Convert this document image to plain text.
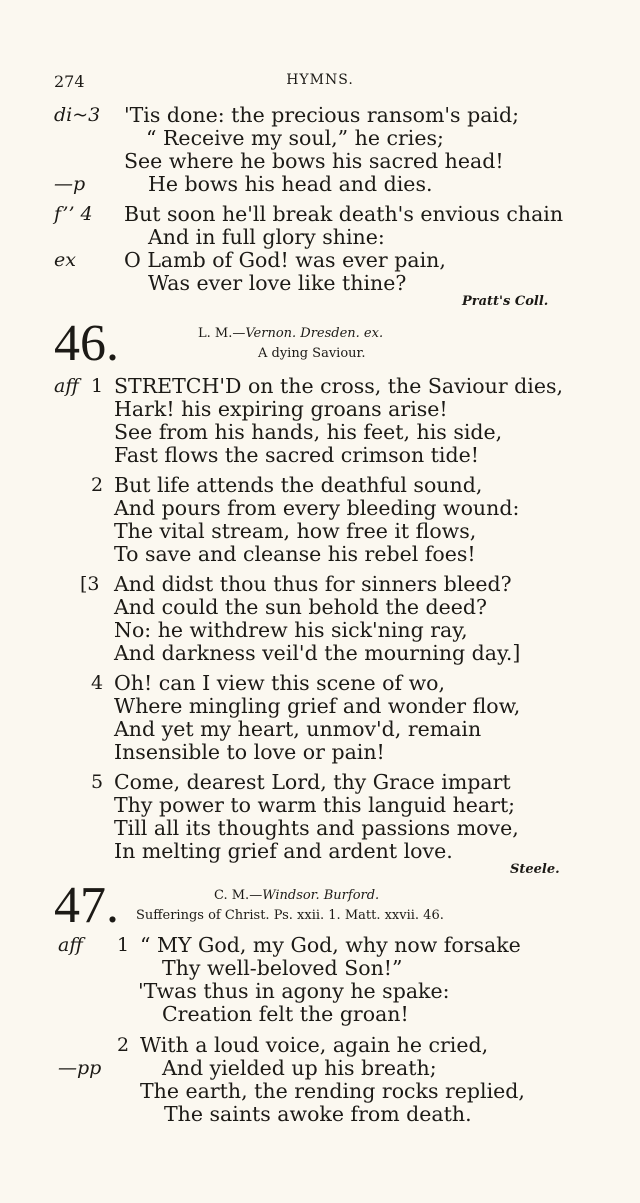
274	HYMNS.
di~3 'Tis done: the precious ransom's paid;
“ Receive my soul,” he cries;
See where he bows his sacred head!
—p	He bows his head and dies.
f’’ 4 But soon he'll break death's envious chain
And in full glory shine:
ex O Lamb of God! was ever pain,
Was ever love like thine?
Pratt's Coll.
46.	L. M.—Vernon. Dresden. ex.
A dying Saviour.
aff 1 STRETCH'D on the cross, the Saviour dies,
Hark! his expiring groans arise!
See from his hands, his feet, his side,
Fast flows the sacred crimson tide!
2 But life attends the deathful sound,
And pours from every bleeding wound:
The vital stream, how free it flows,
To save and cleanse his rebel foes!
[3 And didst thou thus for sinners bleed?
And could the sun behold the deed?
No: he withdrew his sick'ning ray,
And darkness veil'd the mourning day.]
4 Oh! can I view this scene of wo,
Where mingling grief and wonder flow,
And yet my heart, unmov'd, remain
Insensible to love or pain!
5 Come, dearest Lord, thy Grace impart
Thy power to warm this languid heart;
Till all its thoughts and passions move,
In melting grief and ardent love.
Steele.
47.	C. M.—Windsor. Burford.
Sufferings of Christ. Ps. xxii. 1. Matt. xxvii. 46.
aff 1 “ MY God, my God, why now forsake
Thy well-beloved Son!”
'Twas thus in agony he spake:
Creation felt the groan!
2 With a loud voice, again he cried,
—pp	And yielded up his breath;
The earth, the rending rocks replied,
The saints awoke from death.
